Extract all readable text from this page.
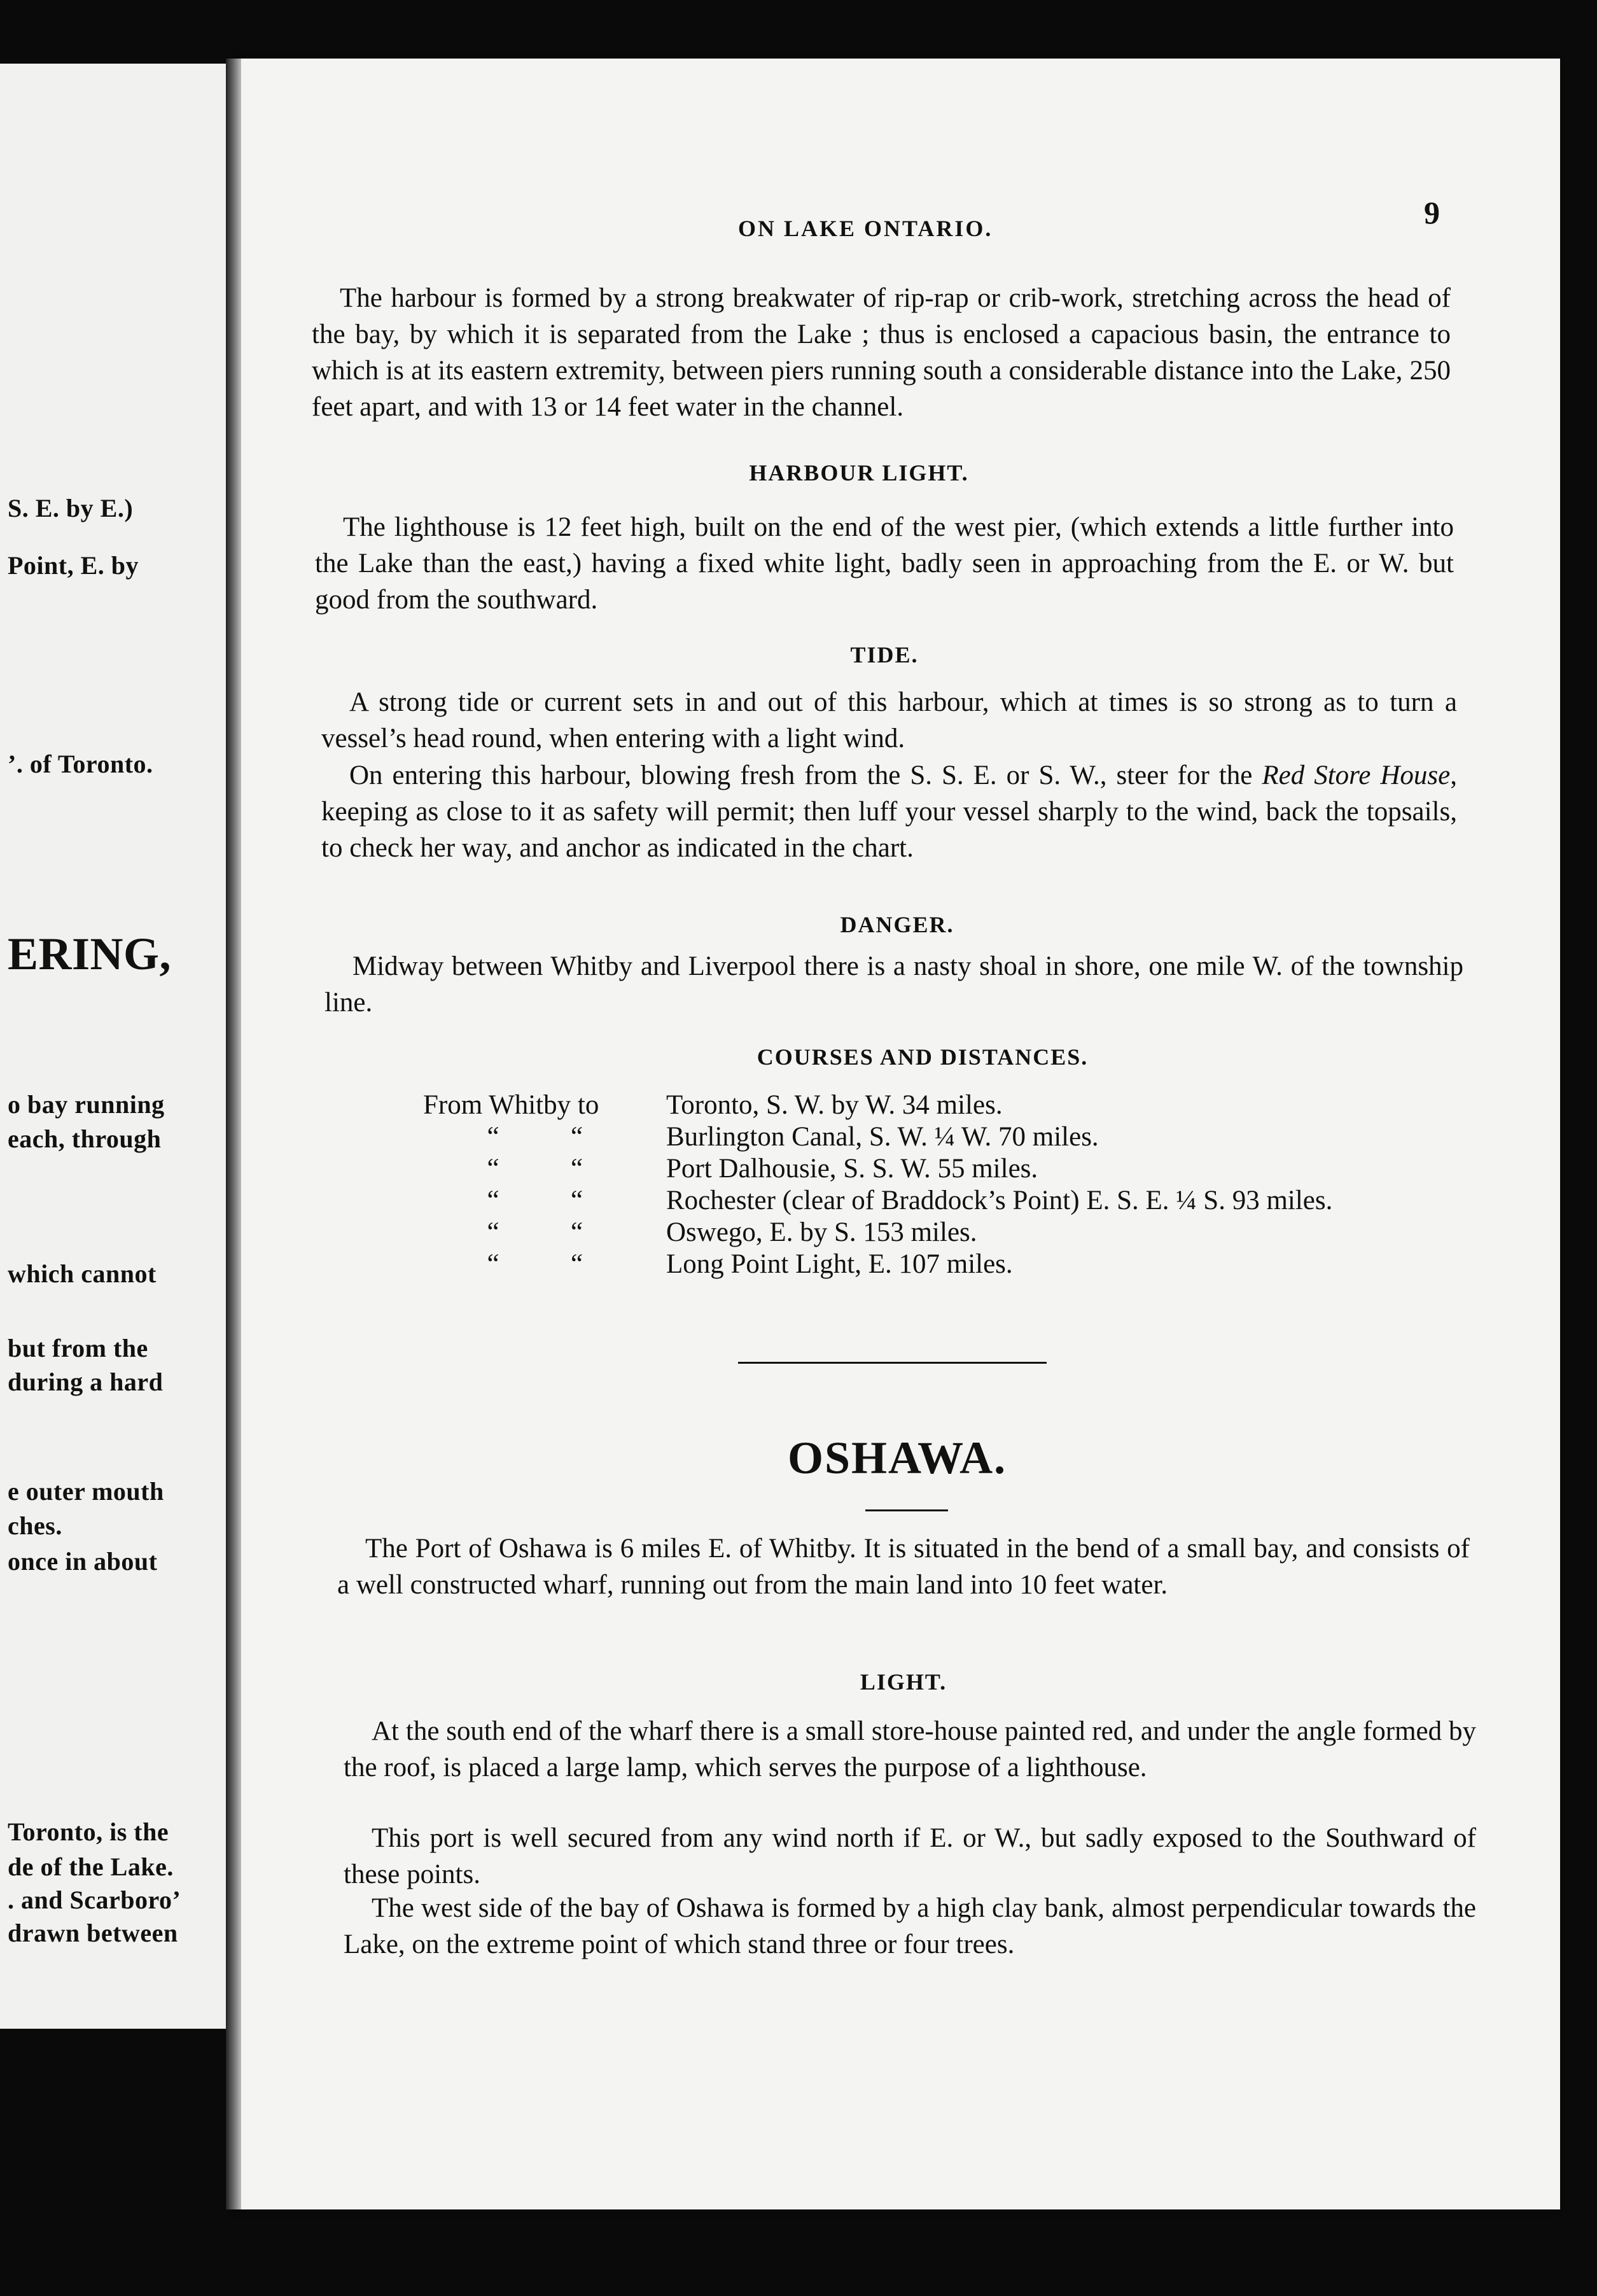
S. E. by E.)
Point, E. by
’. of Toronto.
ERING,
o bay running
each, through
which cannot
but from the
during a hard
e outer mouth
ches.
once in about
Toronto, is the
de of the Lake.
. and Scarboro’
drawn between
ON LAKE ONTARIO.	9
The harbour is formed by a strong breakwater of rip-rap or crib-work, stretching across the head of the bay, by which it is separated from the Lake ; thus is enclosed a capacious basin, the entrance to which is at its eastern extremity, between piers running south a considerable distance into the Lake, 250 feet apart, and with 13 or 14 feet water in the channel.
HARBOUR LIGHT.
The lighthouse is 12 feet high, built on the end of the west pier, (which extends a little further into the Lake than the east,) having a fixed white light, badly seen in approaching from the E. or W. but good from the southward.
TIDE.
A strong tide or current sets in and out of this harbour, which at times is so strong as to turn a vessel’s head round, when entering with a light wind.
On entering this harbour, blowing fresh from the S. S. E. or S. W., steer for the Red Store House, keeping as close to it as safety will permit; then luff your vessel sharply to the wind, back the topsails, to check her way, and anchor as indicated in the chart.
DANGER.
Midway between Whitby and Liverpool there is a nasty shoal in shore, one mile W. of the township line.
COURSES AND DISTANCES.
From Whitby to		Toronto, S. W. by W. 34 miles.
“	“	Burlington Canal, S. W. ¼ W. 70 miles.
“	“	Port Dalhousie, S. S. W. 55 miles.
“	“	Rochester (clear of Braddock’s Point) E. S. E. ¼ S. 93 miles.
“	“	Oswego, E. by S. 153 miles.
“	“	Long Point Light, E. 107 miles.
OSHAWA.
The Port of Oshawa is 6 miles E. of Whitby. It is situated in the bend of a small bay, and consists of a well constructed wharf, running out from the main land into 10 feet water.
LIGHT.
At the south end of the wharf there is a small store-house painted red, and under the angle formed by the roof, is placed a large lamp, which serves the purpose of a lighthouse.
This port is well secured from any wind north if E. or W., but sadly exposed to the Southward of these points.
The west side of the bay of Oshawa is formed by a high clay bank, almost perpendicular towards the Lake, on the extreme point of which stand three or four trees.
